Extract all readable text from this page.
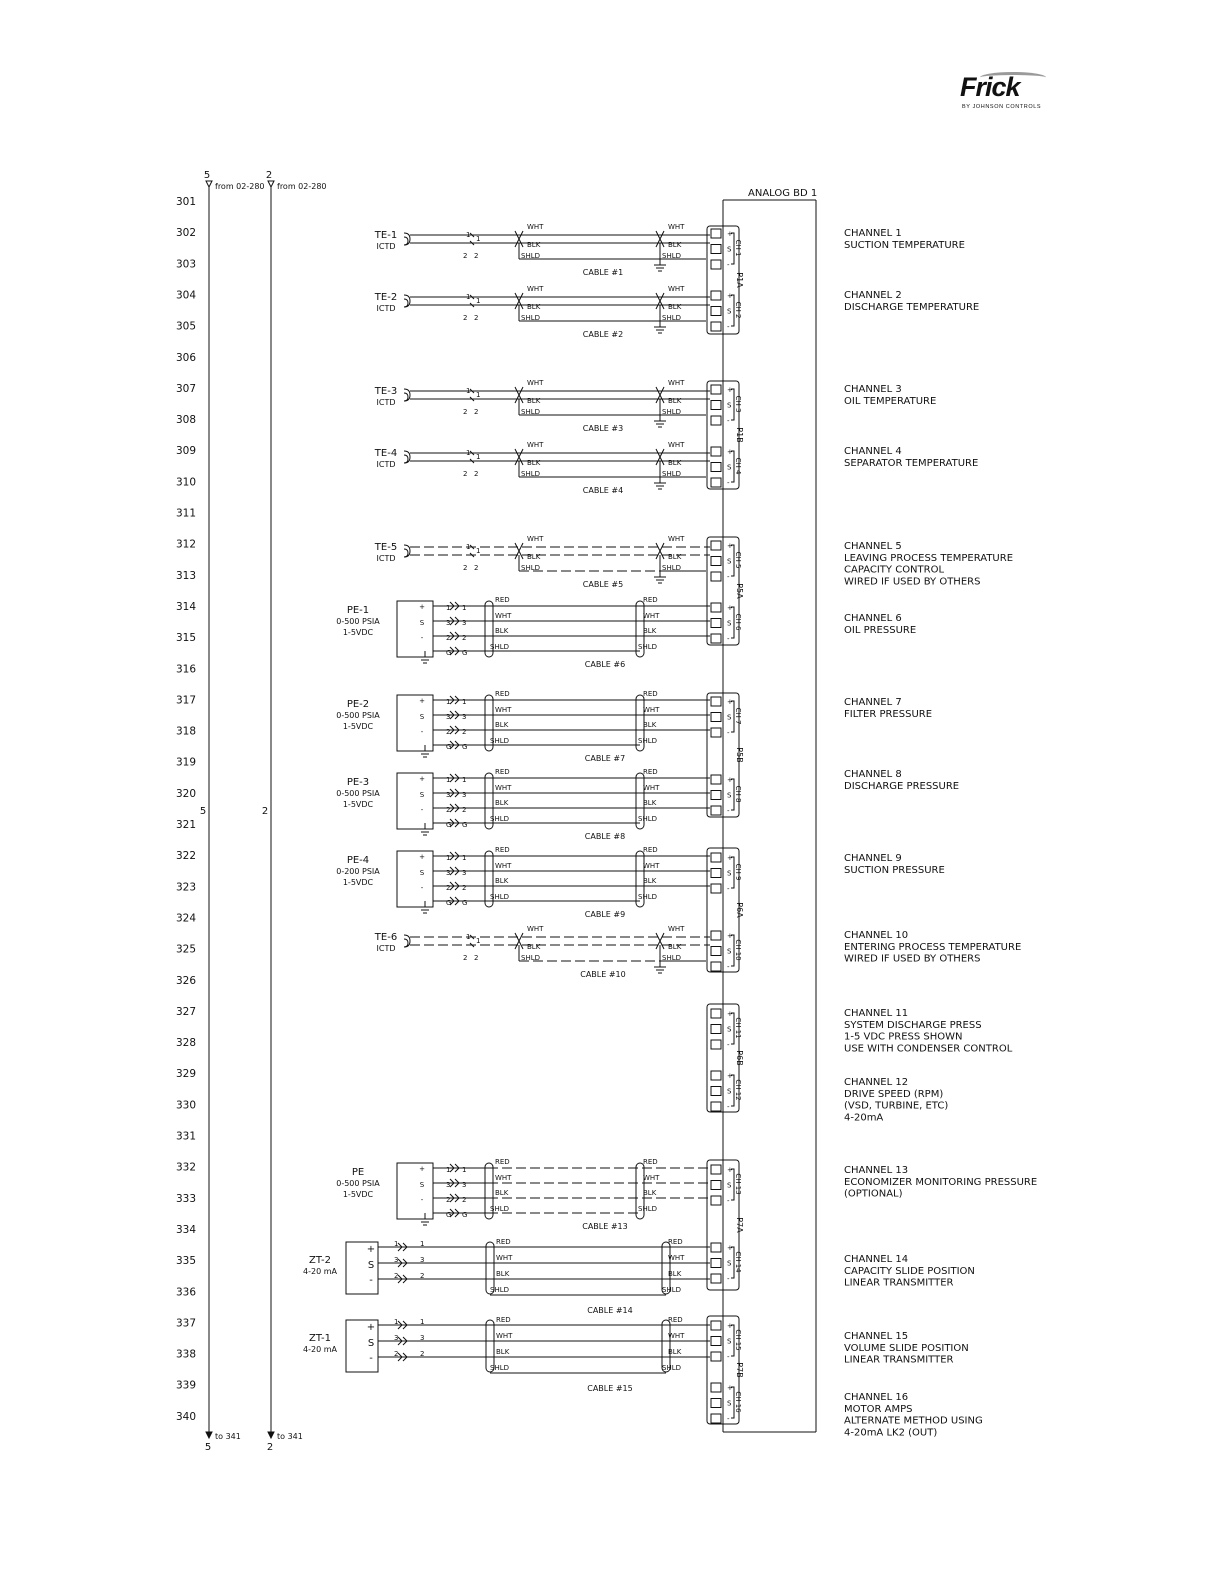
Frick
BY JOHNSON CONTROLS
301
302
303
304
305
306
307
308
309
310
311
312
313
314
315
316
317
318
319
320
321
322
323
324
325
326
327
328
329
330
331
332
333
334
335
336
337
338
339
340
5
from 02-280
5
to 341
5
2
from 02-280
2
to 341
2
ANALOG BD 1
P1A
P1B
P5A
P5B
P6A
P6B
P7A
P7B
+
S
-
CH 1
+
S
-
CH 2
+
S
-
CH 3
+
S
-
CH 4
+
S
-
CH 5
+
S
-
CH 6
+
S
-
CH 7
+
S
-
CH 8
+
S
-
CH 9
+
S
-
CH 10
+
S
-
CH 11
+
S
-
CH 12
+
S
-
CH 13
+
S
-
CH 14
+
S
-
CH 15
+
S
-
CH 16
CHANNEL 1
SUCTION TEMPERATURE
CHANNEL 2
DISCHARGE TEMPERATURE
CHANNEL 3
OIL TEMPERATURE
CHANNEL 4
SEPARATOR TEMPERATURE
CHANNEL 5
LEAVING PROCESS TEMPERATURE
CAPACITY CONTROL
WIRED IF USED BY OTHERS
CHANNEL 6
OIL PRESSURE
CHANNEL 7
FILTER PRESSURE
CHANNEL 8
DISCHARGE PRESSURE
CHANNEL 9
SUCTION PRESSURE
CHANNEL 10
ENTERING PROCESS TEMPERATURE
WIRED IF USED BY OTHERS
CHANNEL 11
SYSTEM DISCHARGE PRESS
1-5 VDC PRESS SHOWN
USE WITH CONDENSER CONTROL
CHANNEL 12
DRIVE SPEED (RPM)
(VSD, TURBINE, ETC)
4-20mA
CHANNEL 13
ECONOMIZER MONITORING PRESSURE
(OPTIONAL)
CHANNEL 14
CAPACITY SLIDE POSITION
LINEAR TRANSMITTER
CHANNEL 15
VOLUME SLIDE POSITION
LINEAR TRANSMITTER
CHANNEL 16
MOTOR AMPS
ALTERNATE METHOD USING
4-20mA LK2 (OUT)
TE-1
ICTD
1 1
2 2
WHT
BLK
SHLD
WHT
BLK
SHLD
CABLE #1
TE-2
ICTD
1 1
2 2
WHT
BLK
SHLD
WHT
BLK
SHLD
CABLE #2
TE-3
ICTD
1 1
2 2
WHT
BLK
SHLD
WHT
BLK
SHLD
CABLE #3
TE-4
ICTD
1 1
2 2
WHT
BLK
SHLD
WHT
BLK
SHLD
CABLE #4
TE-5
ICTD
1 1
2 2
WHT
BLK
SHLD
WHT
BLK
SHLD
CABLE #5
PE-1
0-500 PSIA
1-5VDC
+
S
-
1 1
3 3
2 2
G G
RED
WHT
BLK
SHLD
RED
WHT
BLK
SHLD
CABLE #6
PE-2
0-500 PSIA
1-5VDC
+
S
-
1 1
3 3
2 2
G G
RED
WHT
BLK
SHLD
RED
WHT
BLK
SHLD
CABLE #7
PE-3
0-500 PSIA
1-5VDC
+
S
-
1 1
3 3
2 2
G G
RED
WHT
BLK
SHLD
RED
WHT
BLK
SHLD
CABLE #8
PE-4
0-200 PSIA
1-5VDC
+
S
-
1 1
3 3
2 2
G G
RED
WHT
BLK
SHLD
RED
WHT
BLK
SHLD
CABLE #9
TE-6
ICTD
1 1
2 2
WHT
BLK
SHLD
WHT
BLK
SHLD
CABLE #10
PE
0-500 PSIA
1-5VDC
+
S
-
1 1
3 3
2 2
G G
RED
WHT
BLK
SHLD
RED
WHT
BLK
SHLD
CABLE #13
ZT-2
4-20 mA
+
S
-
1	1
3	3
2	2
RED
WHT
BLK
SHLD
RED
WHT
BLK
SHLD
CABLE #14
ZT-1
4-20 mA
+
S
-
1	1
3	3
2	2
RED
WHT
BLK
SHLD
RED
WHT
BLK
SHLD
CABLE #15
